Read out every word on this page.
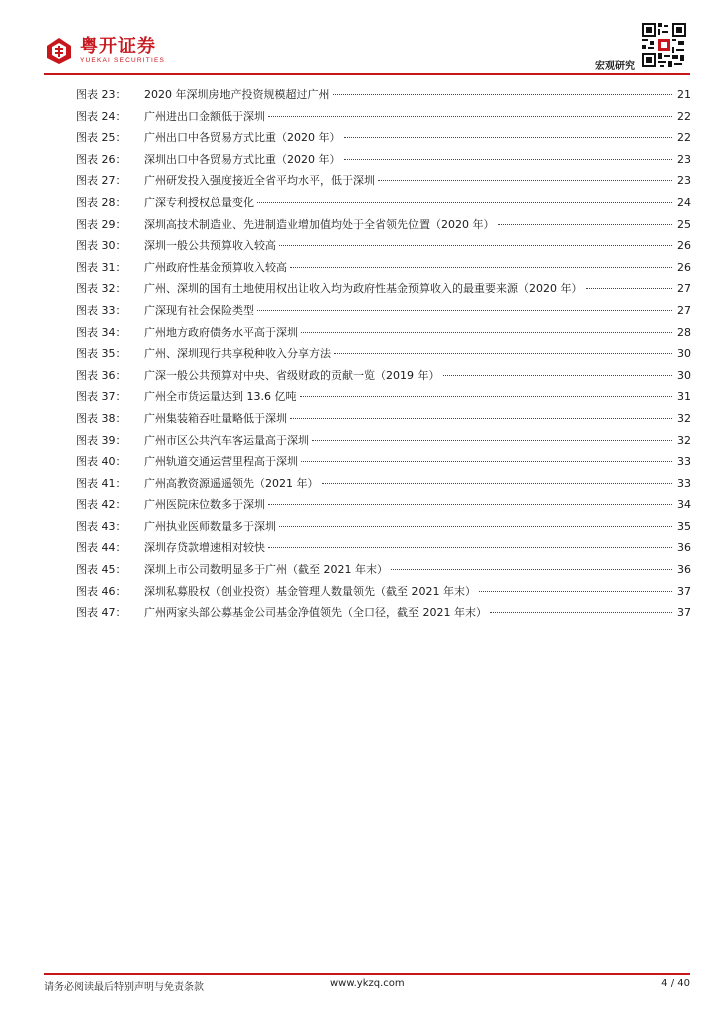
粤开证券
YUEKAI SECURITIES
宏观研究
图表 23：	2020 年深圳房地产投资规模超过广州	21
图表 24：	广州进出口金额低于深圳	22
图表 25：	广州出口中各贸易方式比重（2020 年）	22
图表 26：	深圳出口中各贸易方式比重（2020 年）	23
图表 27：	广州研发投入强度接近全省平均水平，低于深圳	23
图表 28：	广深专利授权总量变化	24
图表 29：	深圳高技术制造业、先进制造业增加值均处于全省领先位置（2020 年）	25
图表 30：	深圳一般公共预算收入较高	26
图表 31：	广州政府性基金预算收入较高	26
图表 32：	广州、深圳的国有土地使用权出让收入均为政府性基金预算收入的最重要来源（2020 年）	27
图表 33：	广深现有社会保险类型	27
图表 34：	广州地方政府债务水平高于深圳	28
图表 35：	广州、深圳现行共享税种收入分享方法	30
图表 36：	广深一般公共预算对中央、省级财政的贡献一览（2019 年）	30
图表 37：	广州全市货运量达到 13.6 亿吨	31
图表 38：	广州集装箱吞吐量略低于深圳	32
图表 39：	广州市区公共汽车客运量高于深圳	32
图表 40：	广州轨道交通运营里程高于深圳	33
图表 41：	广州高教资源遥遥领先（2021 年）	33
图表 42：	广州医院床位数多于深圳	34
图表 43：	广州执业医师数量多于深圳	35
图表 44：	深圳存贷款增速相对较快	36
图表 45：	深圳上市公司数明显多于广州（截至 2021 年末）	36
图表 46：	深圳私募股权（创业投资）基金管理人数量领先（截至 2021 年末）	37
图表 47：	广州两家头部公募基金公司基金净值领先（全口径，截至 2021 年末）	37
请务必阅读最后特别声明与免责条款	www.ykzq.com	4 / 40
